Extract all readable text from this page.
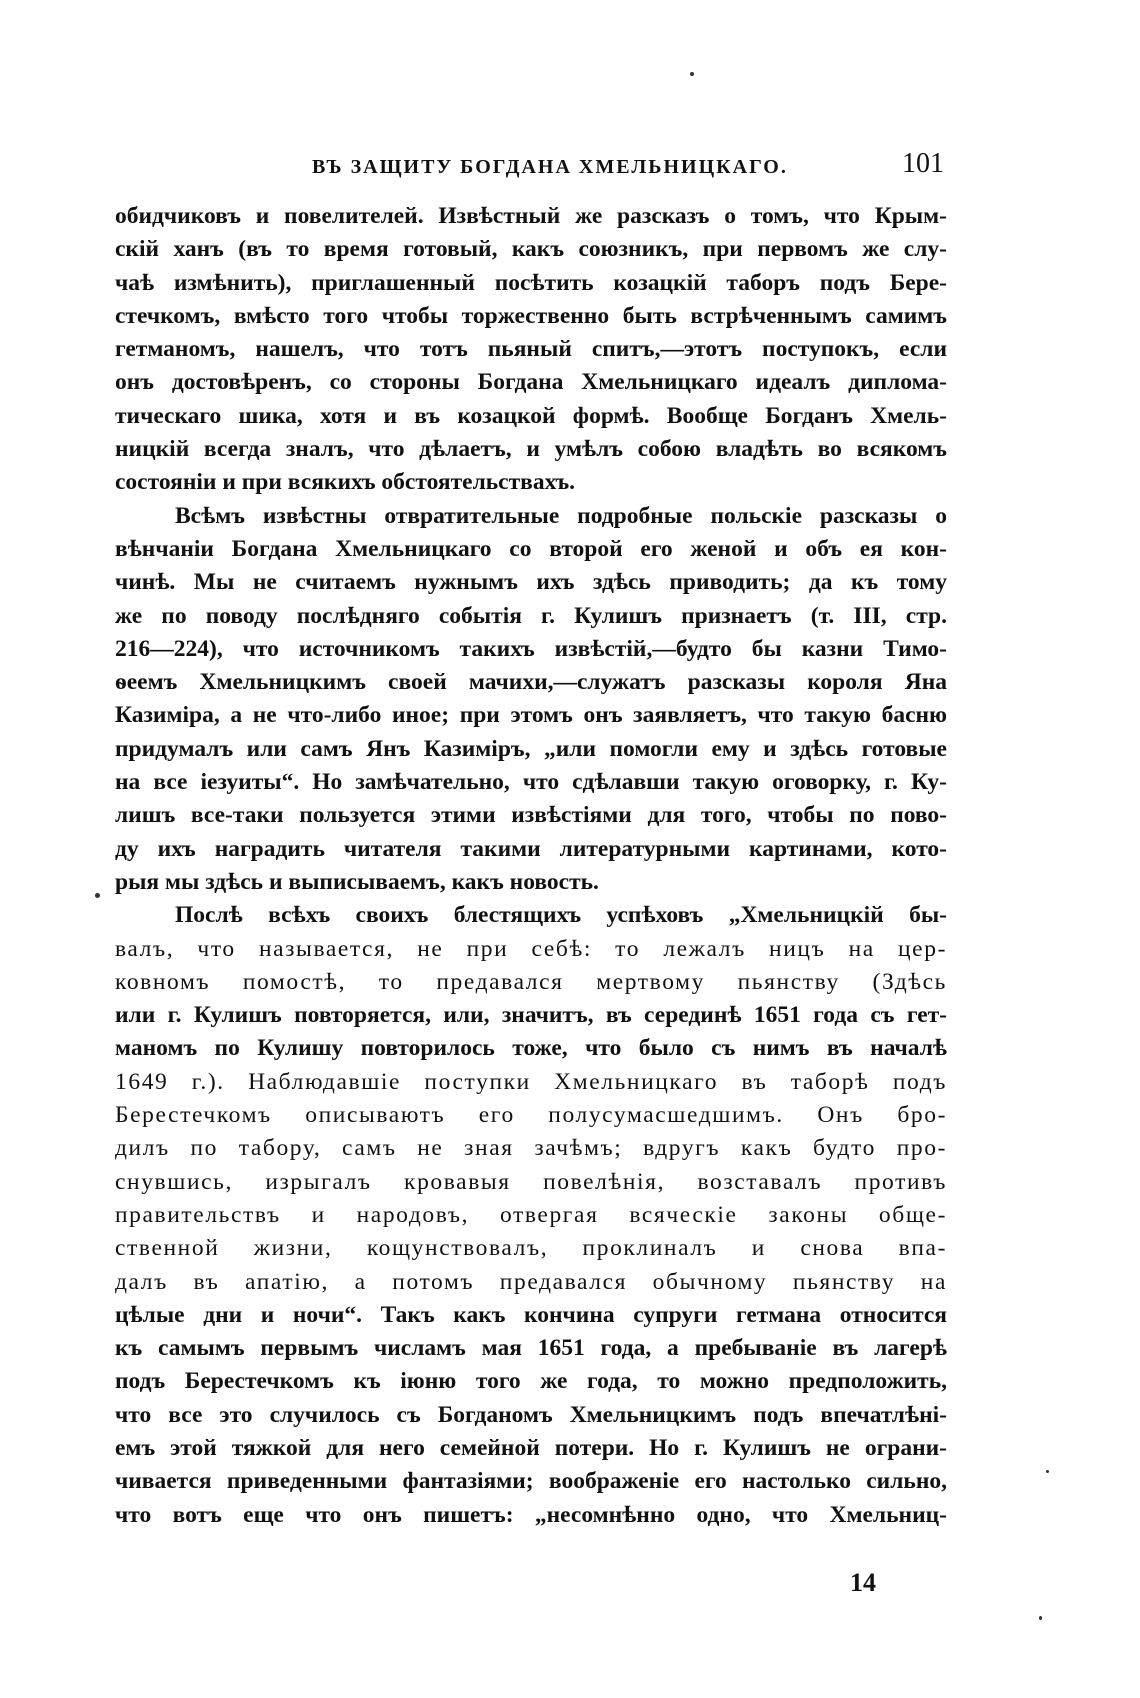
ВЪ ЗАЩИТУ БОГДАНА ХМЕЛЬНИЦКАГО.	101
обидчиковъ и повелителей. Извѣстный же разсказъ о томъ, что Крым-
скій ханъ (въ то время готовый, какъ союзникъ, при первомъ же слу-
чаѣ измѣнить), приглашенный посѣтить козацкій таборъ подъ Бере-
стечкомъ, вмѣсто того чтобы торжественно быть встрѣченнымъ самимъ
гетманомъ, нашелъ, что тотъ пьяный спитъ,—этотъ поступокъ, если
онъ достовѣренъ, со стороны Богдана Хмельницкаго идеалъ диплома-
тическаго шика, хотя и въ козацкой формѣ. Вообще Богданъ Хмель-
ницкій всегда зналъ, что дѣлаетъ, и умѣлъ собою владѣть во всякомъ
состояніи и при всякихъ обстоятельствахъ.
Всѣмъ извѣстны отвратительные подробные польскіе разсказы о
вѣнчаніи Богдана Хмельницкаго со второй его женой и объ ея кон-
чинѣ. Мы не считаемъ нужнымъ ихъ здѣсь приводить; да къ тому
же по поводу послѣдняго событія г. Кулишъ признаетъ (т. III, стр.
216—224), что источникомъ такихъ извѣстій,—будто бы казни Тимо-
ѳеемъ Хмельницкимъ своей мачихи,—служатъ разсказы короля Яна
Казиміра, а не что-либо иное; при этомъ онъ заявляетъ, что такую басню
придумалъ или самъ Янъ Казиміръ, „или помогли ему и здѣсь готовые
на все іезуиты“. Но замѣчательно, что сдѣлавши такую оговорку, г. Ку-
лишъ все-таки пользуется этими извѣстіями для того, чтобы по пово-
ду ихъ наградить читателя такими литературными картинами, кото-
рыя мы здѣсь и выписываемъ, какъ новость.
Послѣ всѣхъ своихъ блестящихъ успѣховъ „Хмельницкій бы-
валъ, что называется, не при себѣ: то лежалъ ницъ на цер-
ковномъ помостѣ, то предавался мертвому пьянству (Здѣсь
или г. Кулишъ повторяется, или, значитъ, въ серединѣ 1651 года съ гет-
маномъ по Кулишу повторилось тоже, что было съ нимъ въ началѣ
1649 г.). Наблюдавшіе поступки Хмельницкаго въ таборѣ подъ
Берестечкомъ описываютъ его полусумасшедшимъ. Онъ бро-
дилъ по табору, самъ не зная зачѣмъ; вдругъ какъ будто про-
снувшись, изрыгалъ кровавыя повелѣнія, возставалъ противъ
правительствъ и народовъ, отвергая всяческіе законы обще-
ственной жизни, кощунствовалъ, проклиналъ и снова впа-
далъ въ апатію, а потомъ предавался обычному пьянству на
цѣлые дни и ночи“. Такъ какъ кончина супруги гетмана относится
къ самымъ первымъ числамъ мая 1651 года, а пребываніе въ лагерѣ
подъ Берестечкомъ къ іюню того же года, то можно предположить,
что все это случилось съ Богданомъ Хмельницкимъ подъ впечатлѣні-
емъ этой тяжкой для него семейной потери. Но г. Кулишъ не ограни-
чивается приведенными фантазіями; воображеніе его настолько сильно,
что вотъ еще что онъ пишетъ: „несомнѣнно одно, что Хмельниц-
14
